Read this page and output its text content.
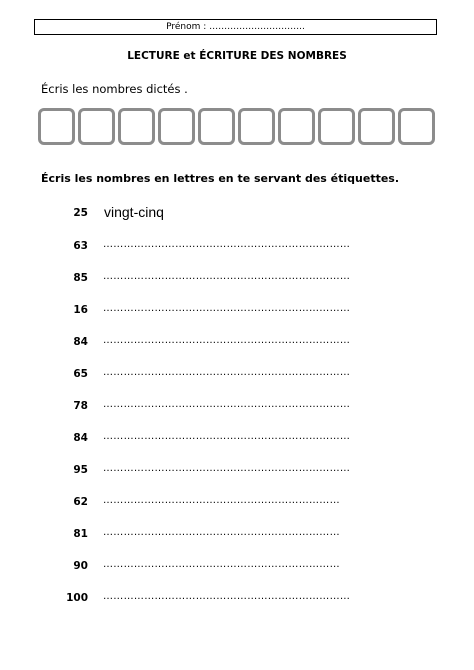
Prénom : …………………………..
LECTURE et ÉCRITURE DES NOMBRES
Écris les nombres dictés .
Écris les nombres en lettres en te servant des étiquettes.
25 vingt-cinq
63 ………………………………………………………………
85 ………………………………………………………………
16 ………………………………………………………………
84 ………………………………………………………………
65 ………………………………………………………………
78 ………………………………………………………………
84 ………………………………………………………………
95 ………………………………………………………………
62 ……………………………………………………………
81 ……………………………………………………………
90 ……………………………………………………………
100 ………………………………………………………………
